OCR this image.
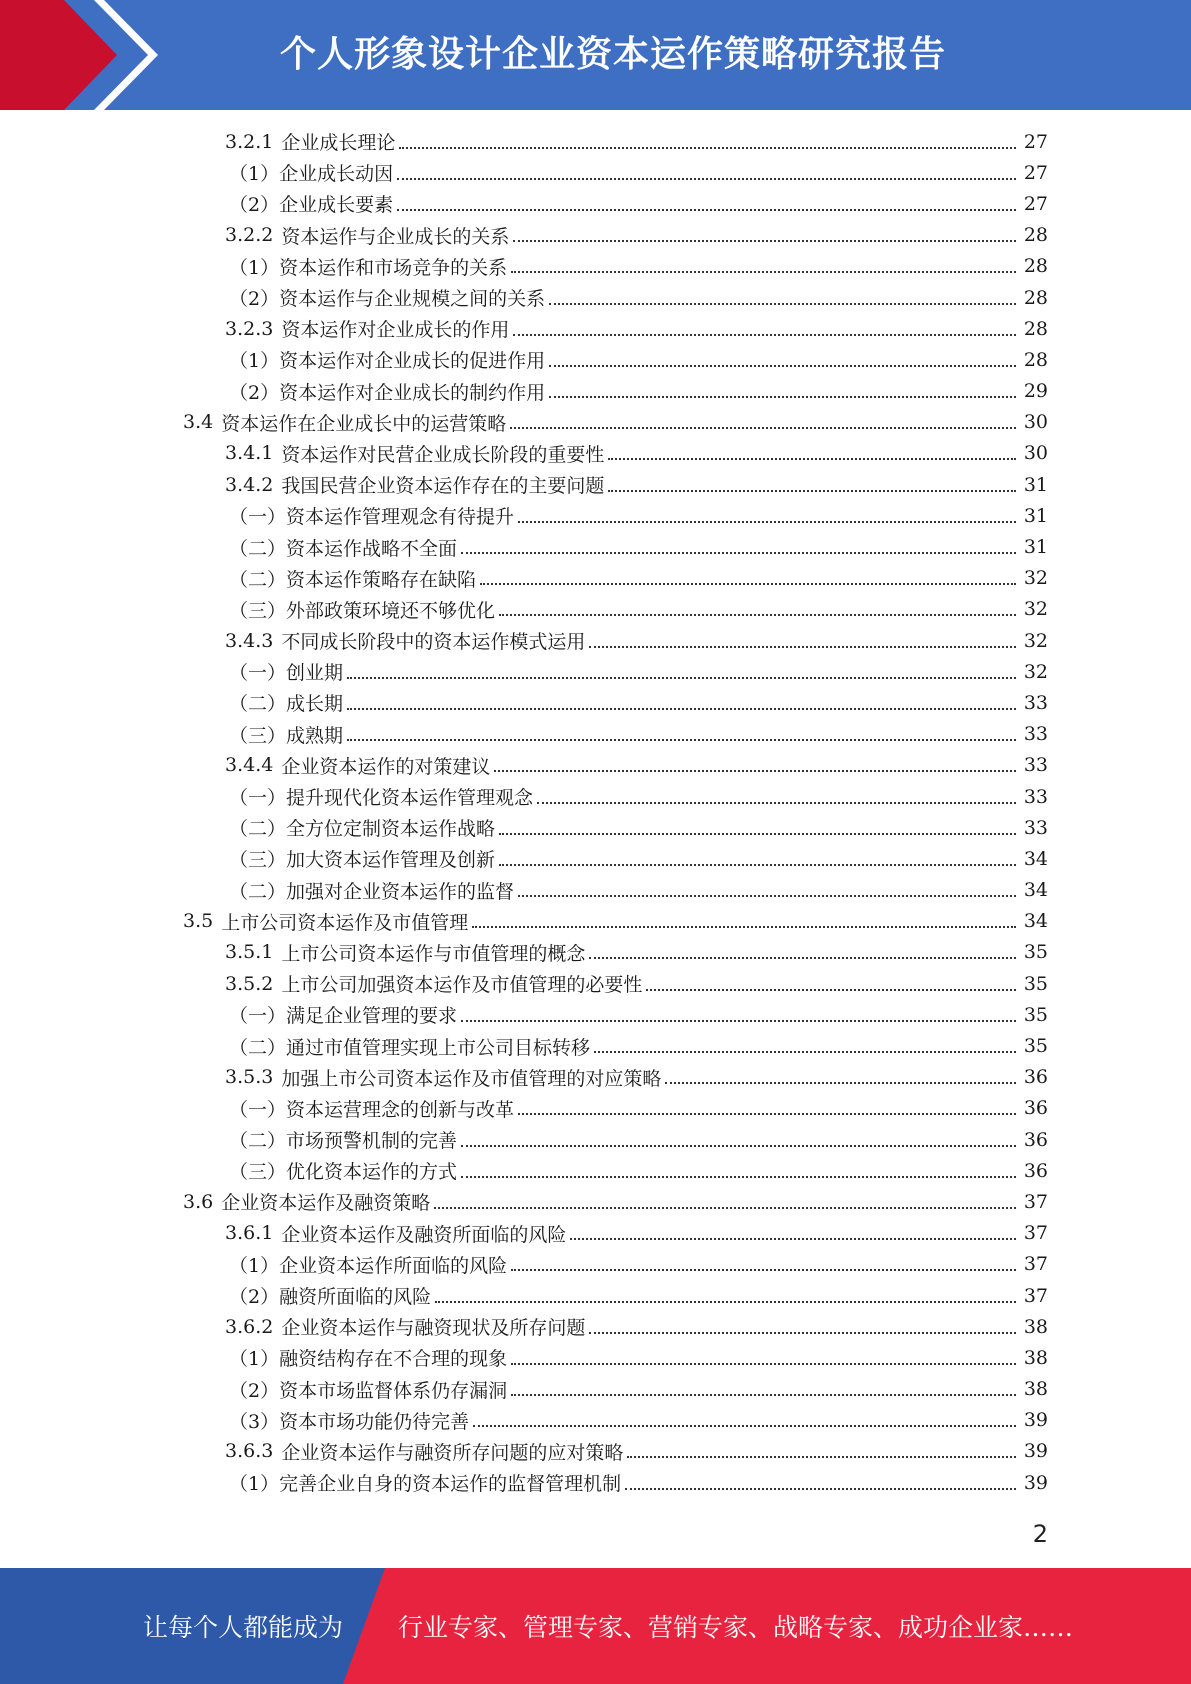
个人形象设计企业资本运作策略研究报告
3.2.1 企业成长理论	27
（1） 企业成长动因	27
（2） 企业成长要素	27
3.2.2 资本运作与企业成长的关系	28
（1） 资本运作和市场竞争的关系	28
（2） 资本运作与企业规模之间的关系	28
3.2.3 资本运作对企业成长的作用	28
（1） 资本运作对企业成长的促进作用	28
（2） 资本运作对企业成长的制约作用	29
3.4 资本运作在企业成长中的运营策略	30
3.4.1 资本运作对民营企业成长阶段的重要性	30
3.4.2 我国民营企业资本运作存在的主要问题	31
（一） 资本运作管理观念有待提升	31
（二） 资本运作战略不全面	31
（二） 资本运作策略存在缺陷	32
（三） 外部政策环境还不够优化	32
3.4.3 不同成长阶段中的资本运作模式运用	32
（一） 创业期	32
（二） 成长期	33
（三） 成熟期	33
3.4.4 企业资本运作的对策建议	33
（一） 提升现代化资本运作管理观念	33
（二） 全方位定制资本运作战略	33
（三） 加大资本运作管理及创新	34
（二） 加强对企业资本运作的监督	34
3.5 上市公司资本运作及市值管理	34
3.5.1 上市公司资本运作与市值管理的概念	35
3.5.2 上市公司加强资本运作及市值管理的必要性	35
（一） 满足企业管理的要求	35
（二） 通过市值管理实现上市公司目标转移	35
3.5.3 加强上市公司资本运作及市值管理的对应策略	36
（一） 资本运营理念的创新与改革	36
（二） 市场预警机制的完善	36
（三） 优化资本运作的方式	36
3.6 企业资本运作及融资策略	37
3.6.1 企业资本运作及融资所面临的风险	37
（1） 企业资本运作所面临的风险	37
（2） 融资所面临的风险	37
3.6.2 企业资本运作与融资现状及所存问题	38
（1） 融资结构存在不合理的现象	38
（2） 资本市场监督体系仍存漏洞	38
（3） 资本市场功能仍待完善	39
3.6.3 企业资本运作与融资所存问题的应对策略	39
（1） 完善企业自身的资本运作的监督管理机制	39
2
让每个人都能成为 行业专家、管理专家、营销专家、战略专家、成功企业家……
